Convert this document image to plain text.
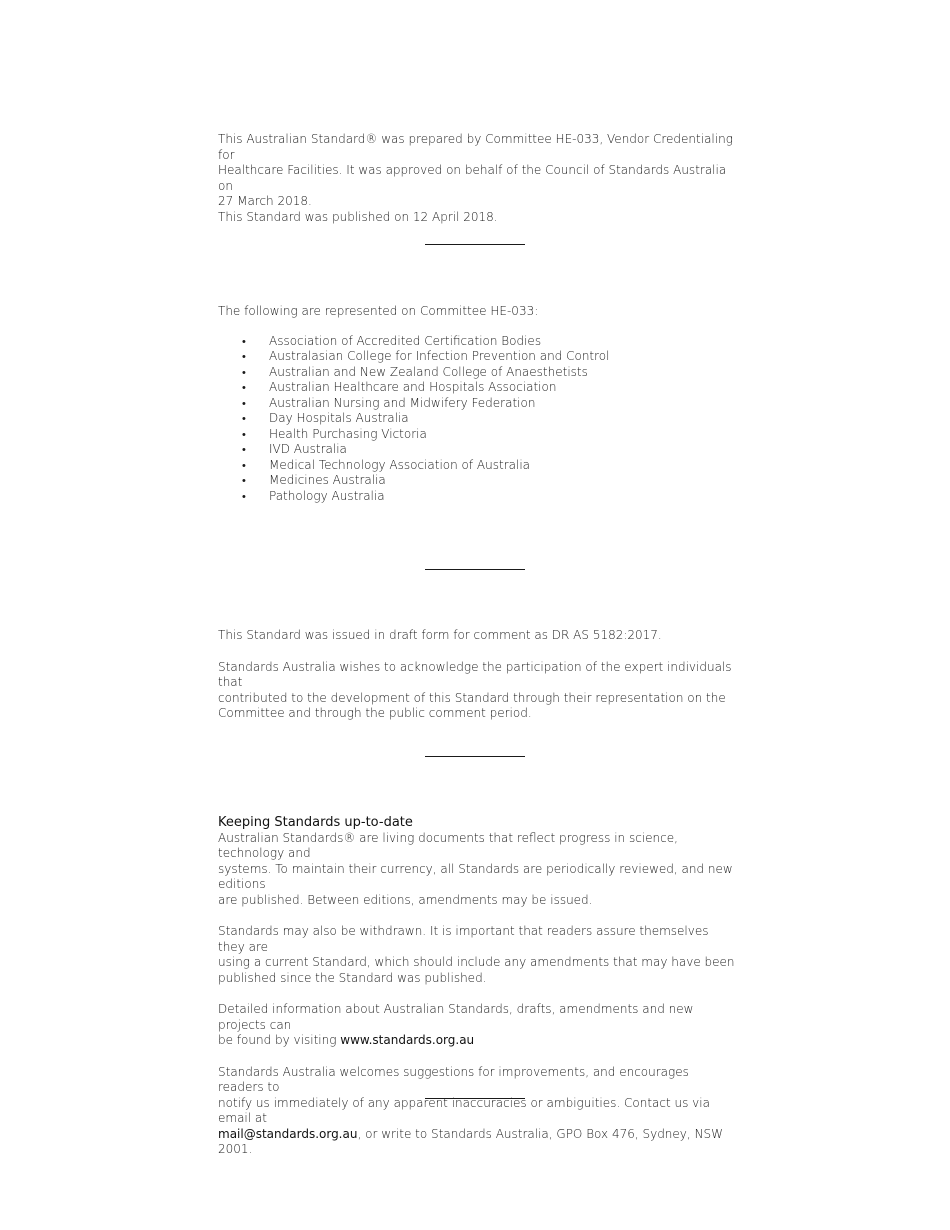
This Australian Standard® was prepared by Committee HE-033, Vendor Credentialing for
Healthcare Facilities. It was approved on behalf of the Council of Standards Australia on
27 March 2018.
This Standard was published on 12 April 2018.
The following are represented on Committee HE-033:
• Association of Accredited Certification Bodies
• Australasian College for Infection Prevention and Control
• Australian and New Zealand College of Anaesthetists
• Australian Healthcare and Hospitals Association
• Australian Nursing and Midwifery Federation
• Day Hospitals Australia
• Health Purchasing Victoria
• IVD Australia
• Medical Technology Association of Australia
• Medicines Australia
• Pathology Australia
This Standard was issued in draft form for comment as DR AS 5182:2017.
Standards Australia wishes to acknowledge the participation of the expert individuals that
contributed to the development of this Standard through their representation on the
Committee and through the public comment period.
Keeping Standards up-to-date
Australian Standards® are living documents that reflect progress in science, technology and
systems. To maintain their currency, all Standards are periodically reviewed, and new editions
are published. Between editions, amendments may be issued.
Standards may also be withdrawn. It is important that readers assure themselves they are
using a current Standard, which should include any amendments that may have been
published since the Standard was published.
Detailed information about Australian Standards, drafts, amendments and new projects can
be found by visiting www.standards.org.au
Standards Australia welcomes suggestions for improvements, and encourages readers to
notify us immediately of any apparent inaccuracies or ambiguities. Contact us via email at
mail@standards.org.au, or write to Standards Australia, GPO Box 476, Sydney, NSW 2001.
